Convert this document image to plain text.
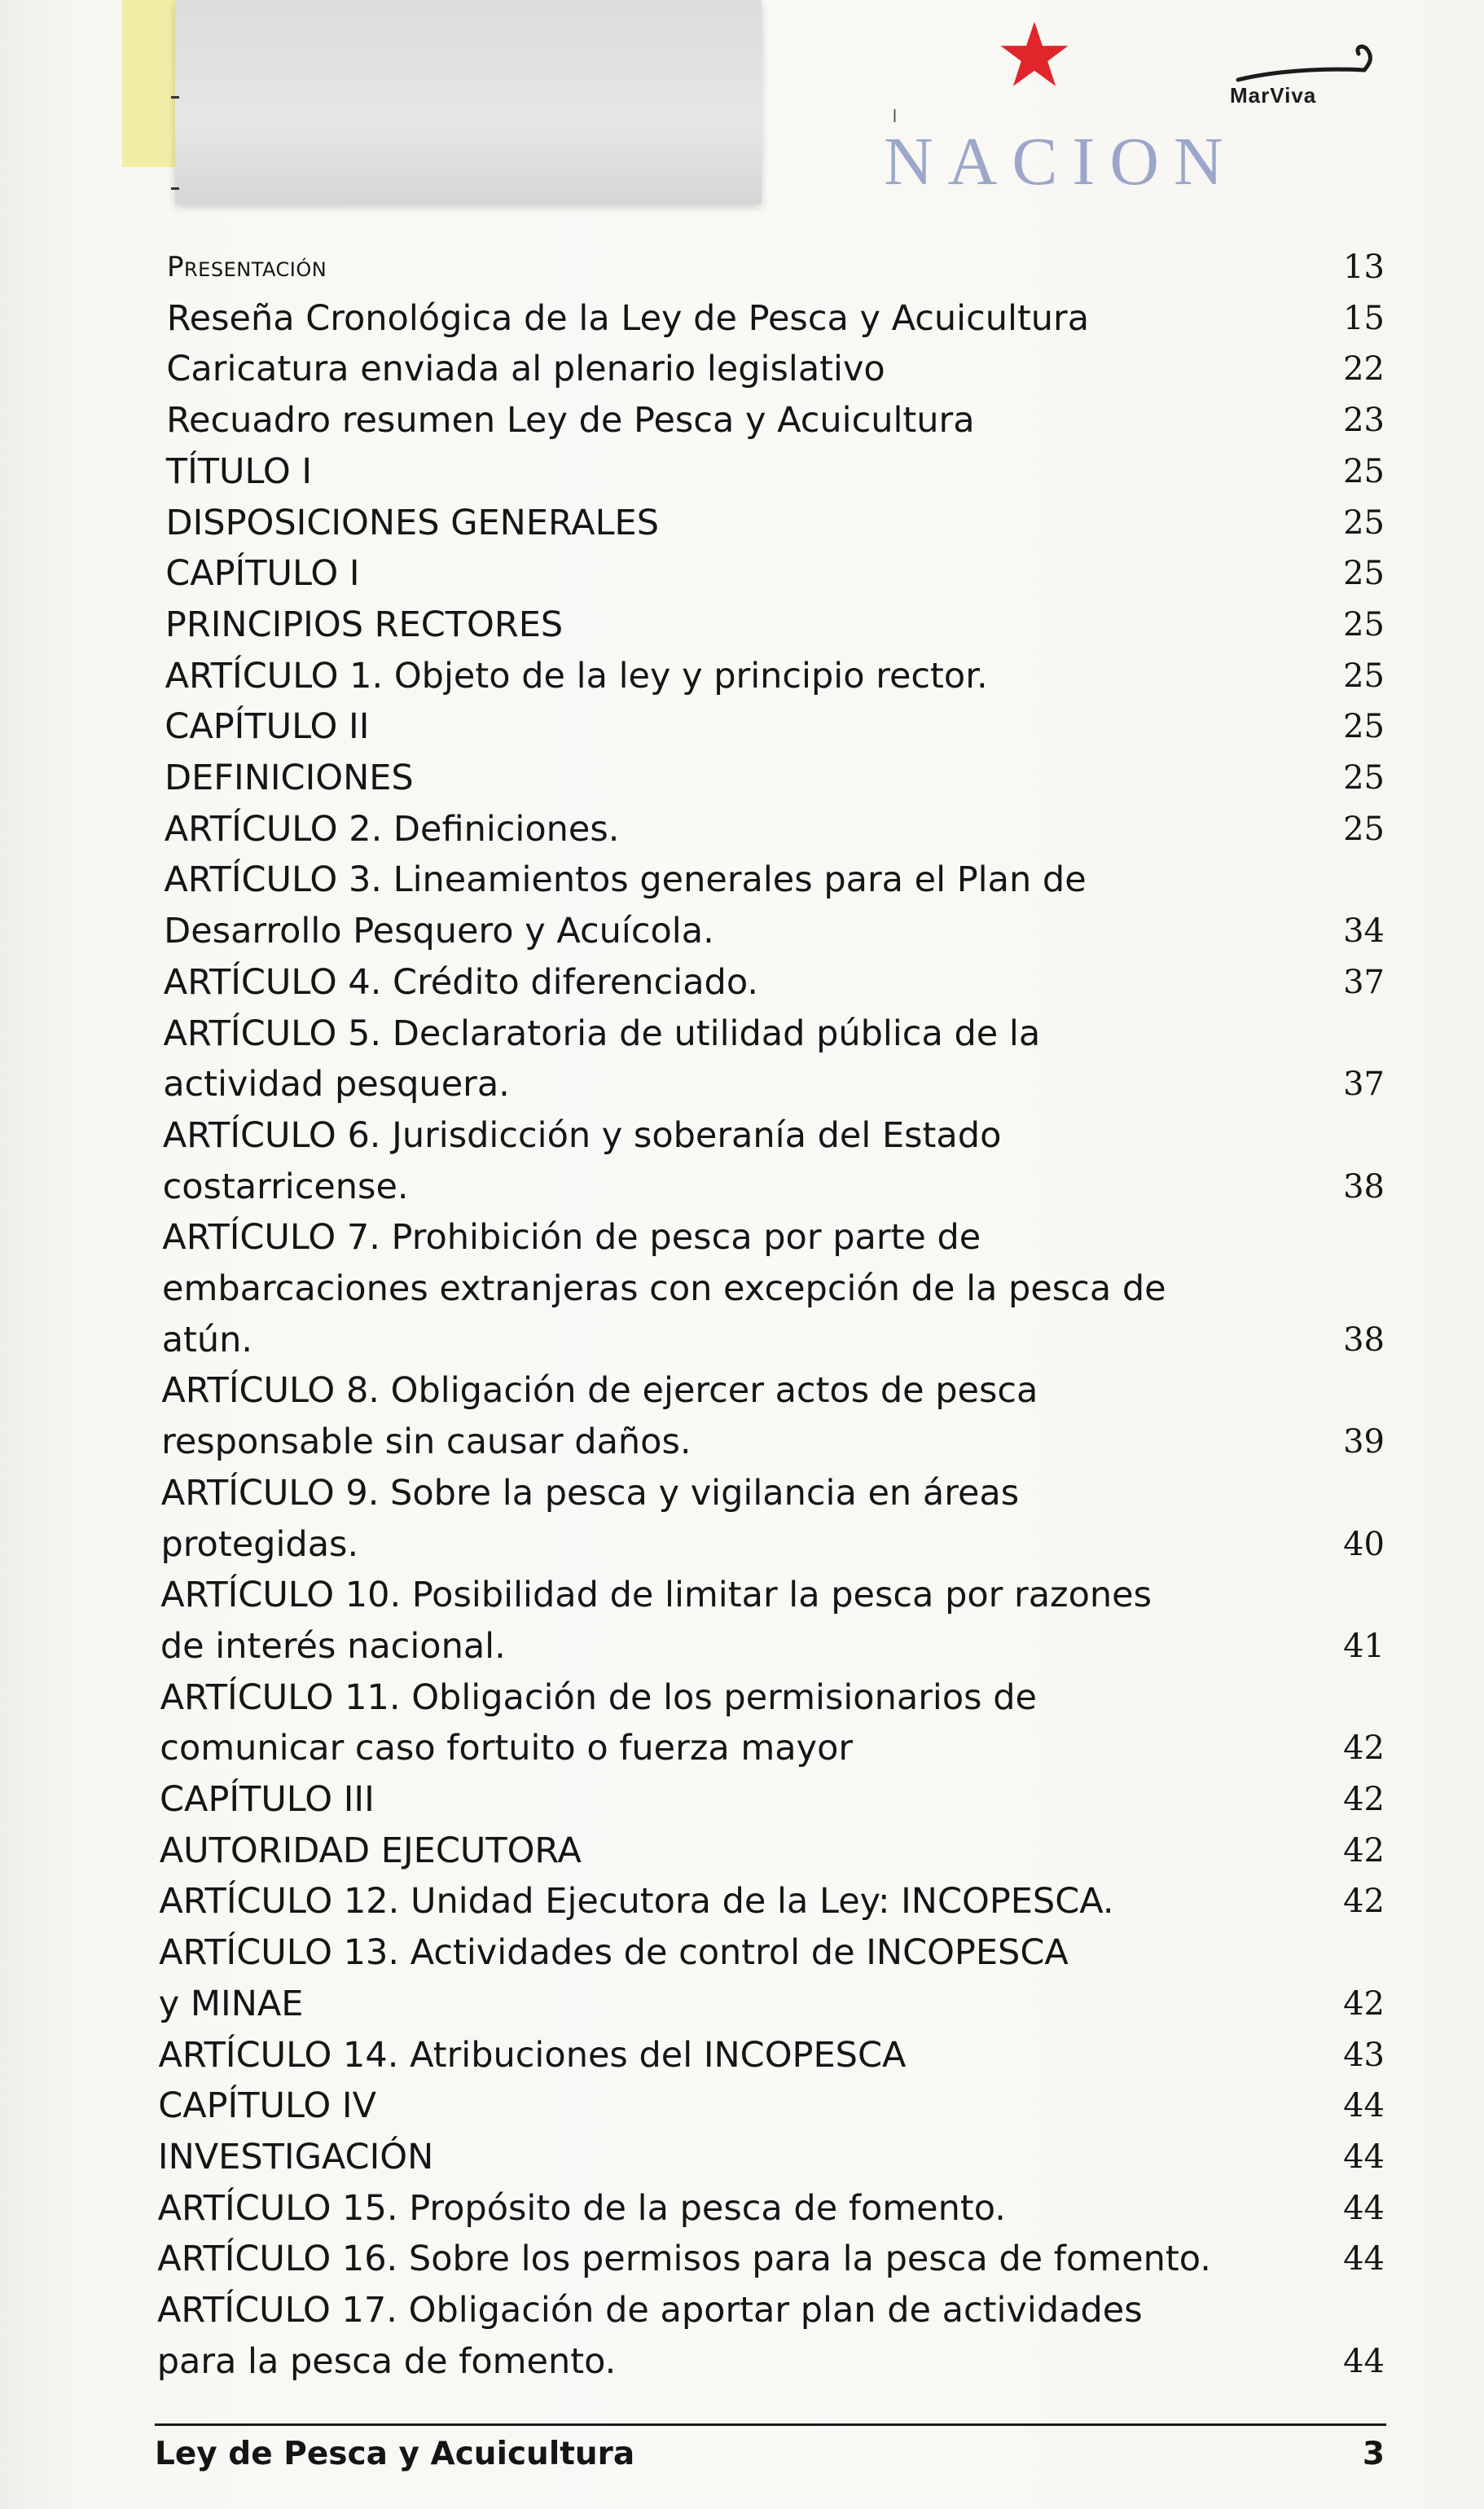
l
MarViva
NACION
Presentación	13
Reseña Cronológica de la Ley de Pesca y Acuicultura	15
Caricatura enviada al plenario legislativo	22
Recuadro resumen Ley de Pesca y Acuicultura	23
TÍTULO I	25
DISPOSICIONES GENERALES	25
CAPÍTULO I	25
PRINCIPIOS RECTORES	25
ARTÍCULO 1. Objeto de la ley y principio rector.	25
CAPÍTULO II	25
DEFINICIONES	25
ARTÍCULO 2. Definiciones.	25
ARTÍCULO 3. Lineamientos generales para el Plan de
Desarrollo Pesquero y Acuícola.	34
ARTÍCULO 4. Crédito diferenciado.	37
ARTÍCULO 5. Declaratoria de utilidad pública de la
actividad pesquera.	37
ARTÍCULO 6. Jurisdicción y soberanía del Estado
costarricense.	38
ARTÍCULO 7. Prohibición de pesca por parte de
embarcaciones extranjeras con excepción de la pesca de
atún.	38
ARTÍCULO 8. Obligación de ejercer actos de pesca
responsable sin causar daños.	39
ARTÍCULO 9. Sobre la pesca y vigilancia en áreas
protegidas.	40
ARTÍCULO 10. Posibilidad de limitar la pesca por razones
de interés nacional.	41
ARTÍCULO 11. Obligación de los permisionarios de
comunicar caso fortuito o fuerza mayor	42
CAPÍTULO III	42
AUTORIDAD EJECUTORA	42
ARTÍCULO 12. Unidad Ejecutora de la Ley: INCOPESCA.	42
ARTÍCULO 13. Actividades de control de INCOPESCA
y MINAE	42
ARTÍCULO 14. Atribuciones del INCOPESCA	43
CAPÍTULO IV	44
INVESTIGACIÓN	44
ARTÍCULO 15. Propósito de la pesca de fomento.	44
ARTÍCULO 16. Sobre los permisos para la pesca de fomento.	44
ARTÍCULO 17. Obligación de aportar plan de actividades
para la pesca de fomento.	44
Ley de Pesca y Acuicultura	3
